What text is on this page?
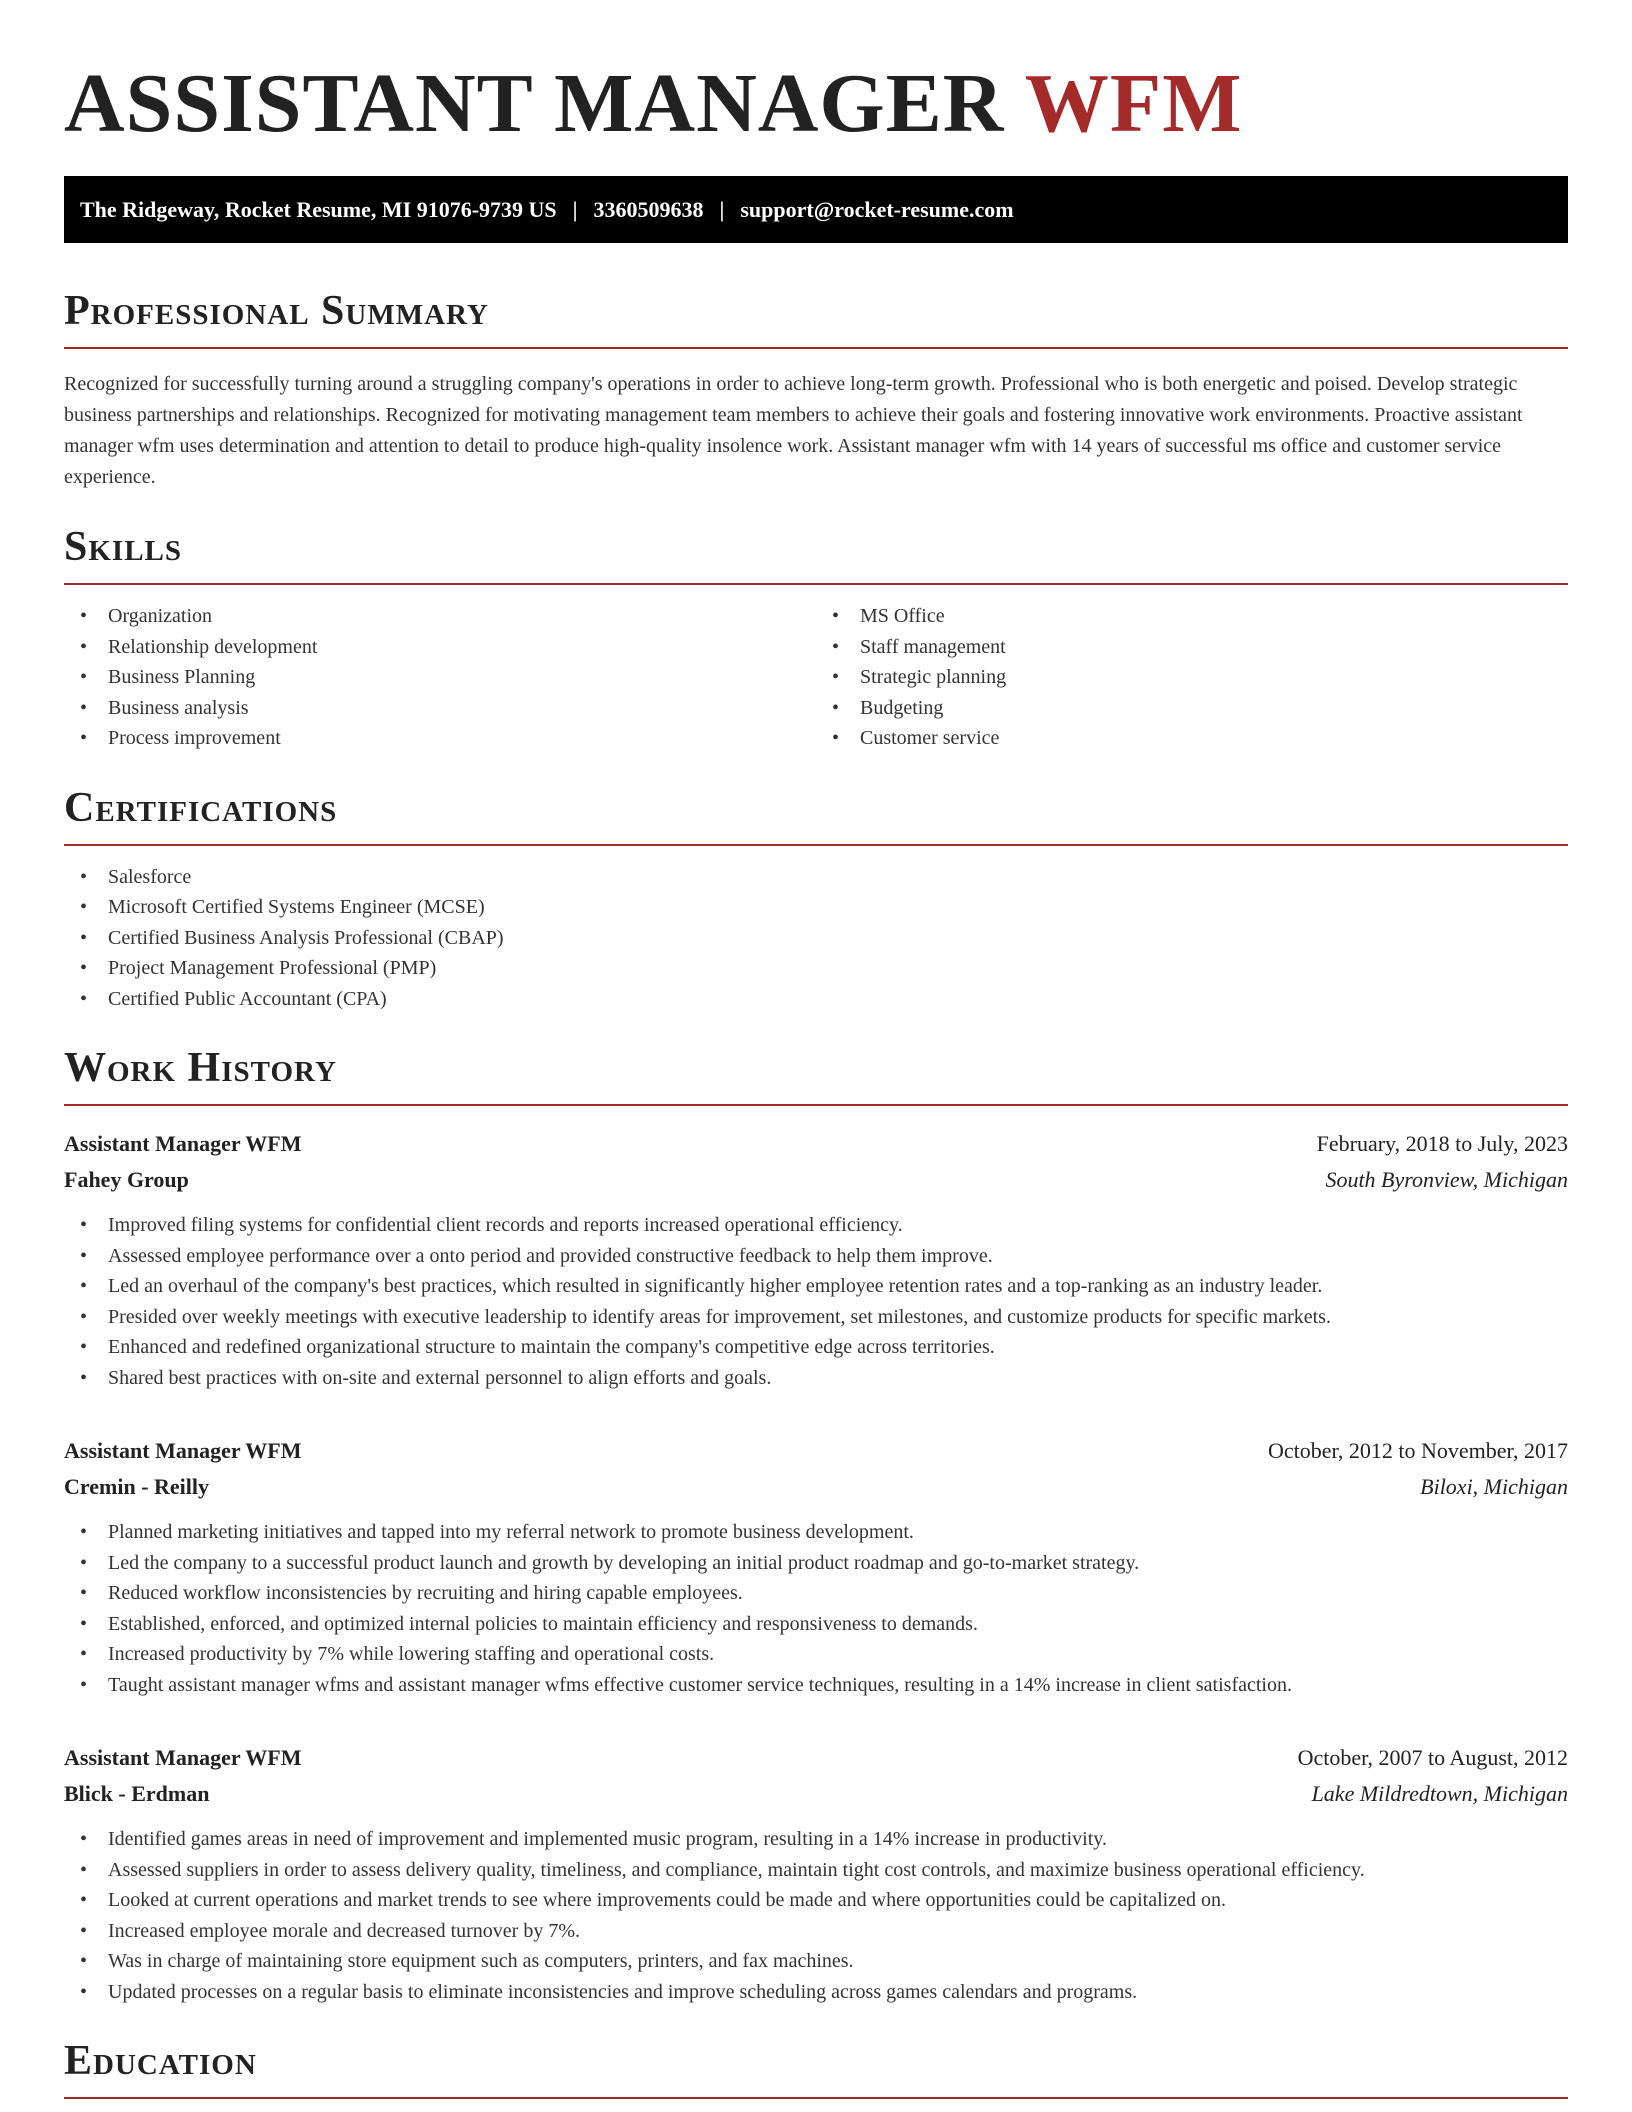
ASSISTANT MANAGER WFM
The Ridgeway, Rocket Resume, MI 91076-9739 US | 3360509638 | support@rocket-resume.com
Professional Summary

Recognized for successfully turning around a struggling company's operations in order to achieve long-term growth. Professional who is both energetic and poised. Develop strategic business partnerships and relationships. Recognized for motivating management team members to achieve their goals and fostering innovative work environments. Proactive assistant manager wfm uses determination and attention to detail to produce high-quality insolence work. Assistant manager wfm with 14 years of successful ms office and customer service experience.

Skills
• Organization
• Relationship development
• Business Planning
• Business analysis
• Process improvement
• MS Office
• Staff management
• Strategic planning
• Budgeting
• Customer service
Certifications
• Salesforce
• Microsoft Certified Systems Engineer (MCSE)
• Certified Business Analysis Professional (CBAP)
• Project Management Professional (PMP)
• Certified Public Accountant (CPA)
Work History
Assistant Manager WFM	February, 2018 to July, 2023
Fahey Group	South Byronview, Michigan
• Improved filing systems for confidential client records and reports increased operational efficiency.
• Assessed employee performance over a onto period and provided constructive feedback to help them improve.
• Led an overhaul of the company's best practices, which resulted in significantly higher employee retention rates and a top-ranking as an industry leader.
• Presided over weekly meetings with executive leadership to identify areas for improvement, set milestones, and customize products for specific markets.
• Enhanced and redefined organizational structure to maintain the company's competitive edge across territories.
• Shared best practices with on-site and external personnel to align efforts and goals.
Assistant Manager WFM	October, 2012 to November, 2017
Cremin - Reilly	Biloxi, Michigan
• Planned marketing initiatives and tapped into my referral network to promote business development.
• Led the company to a successful product launch and growth by developing an initial product roadmap and go-to-market strategy.
• Reduced workflow inconsistencies by recruiting and hiring capable employees.
• Established, enforced, and optimized internal policies to maintain efficiency and responsiveness to demands.
• Increased productivity by 7% while lowering staffing and operational costs.
• Taught assistant manager wfms and assistant manager wfms effective customer service techniques, resulting in a 14% increase in client satisfaction.
Assistant Manager WFM	October, 2007 to August, 2012
Blick - Erdman	Lake Mildredtown, Michigan
• Identified games areas in need of improvement and implemented music program, resulting in a 14% increase in productivity.
• Assessed suppliers in order to assess delivery quality, timeliness, and compliance, maintain tight cost controls, and maximize business operational efficiency.
• Looked at current operations and market trends to see where improvements could be made and where opportunities could be capitalized on.
• Increased employee morale and decreased turnover by 7%.
• Was in charge of maintaining store equipment such as computers, printers, and fax machines.
• Updated processes on a regular basis to eliminate inconsistencies and improve scheduling across games calendars and programs.
Education
